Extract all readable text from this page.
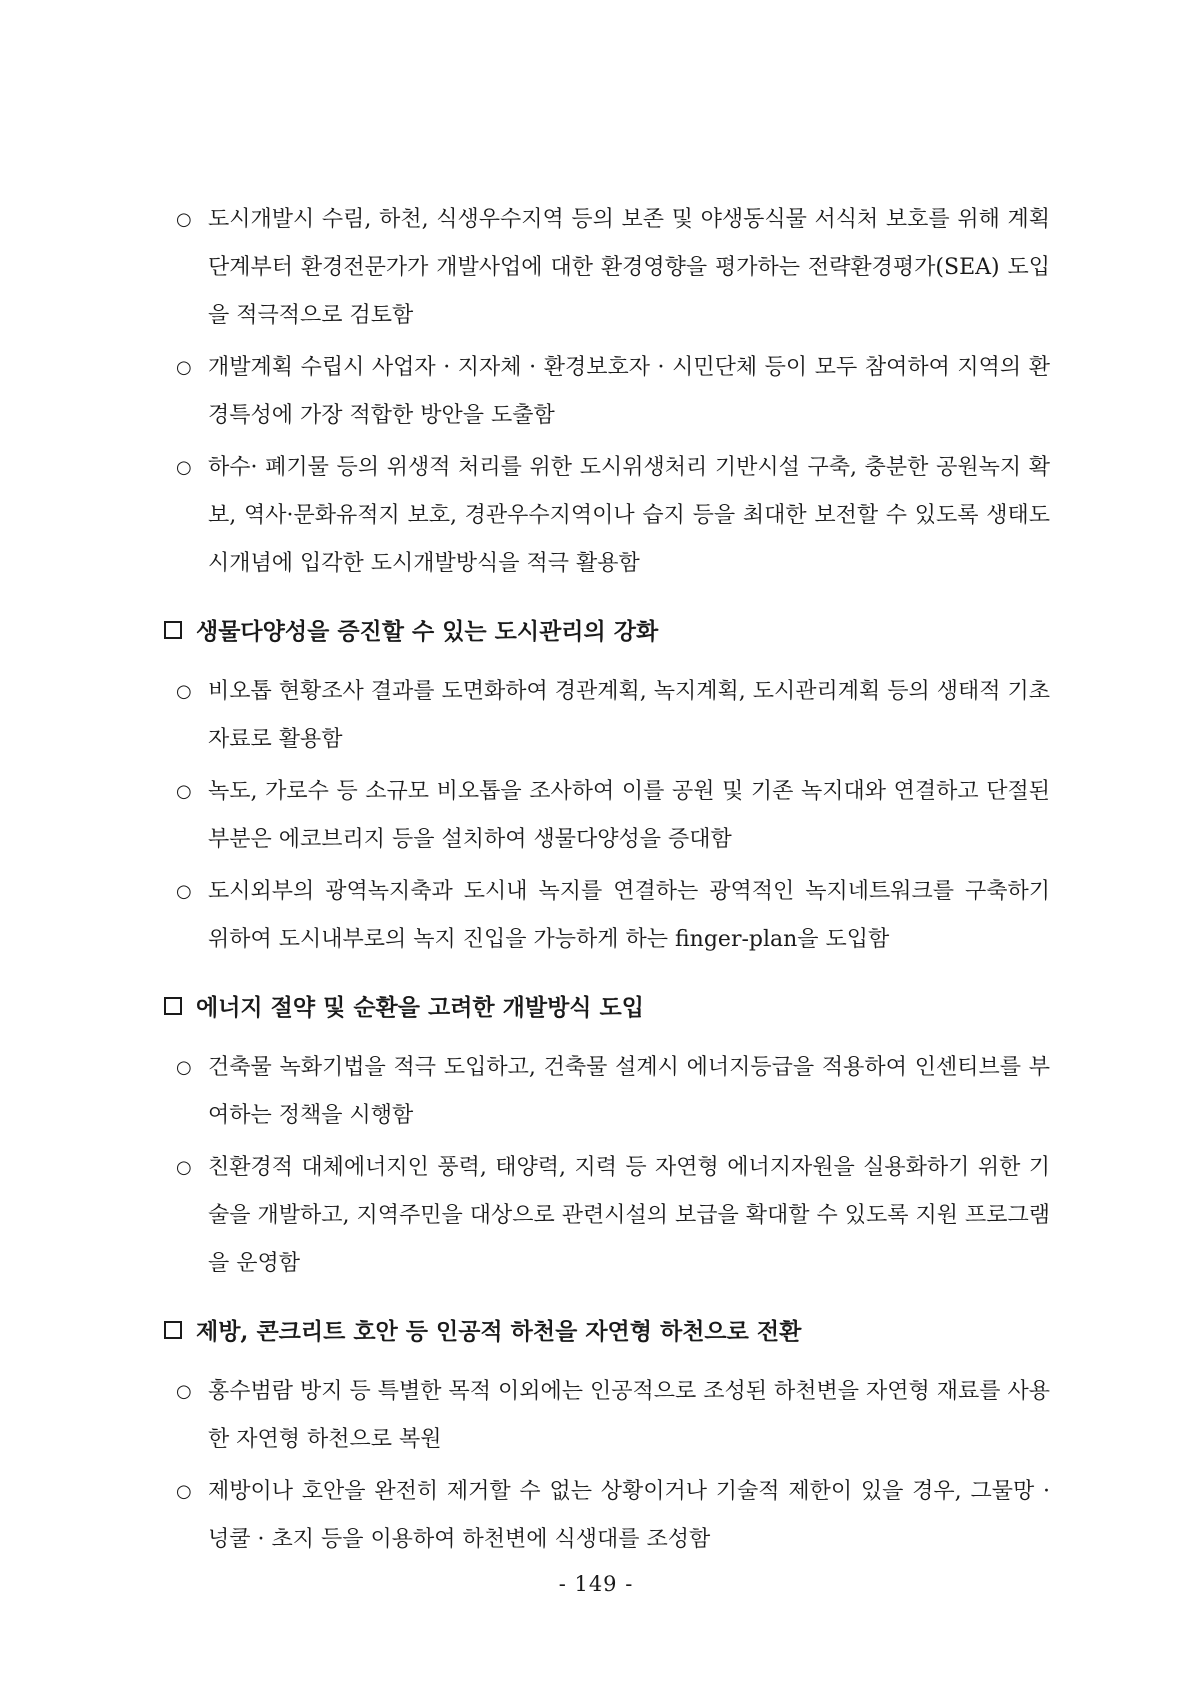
○ 도시개발시 수림, 하천, 식생우수지역 등의 보존 및 야생동식물 서식처 보호를 위해 계획단계부터 환경전문가가 개발사업에 대한 환경영향을 평가하는 전략환경평가(SEA) 도입을 적극적으로 검토함
○ 개발계획 수립시 사업자 · 지자체 · 환경보호자 · 시민단체 등이 모두 참여하여 지역의 환경특성에 가장 적합한 방안을 도출함
○ 하수· 폐기물 등의 위생적 처리를 위한 도시위생처리 기반시설 구축, 충분한 공원녹지 확보, 역사·문화유적지 보호, 경관우수지역이나 습지 등을 최대한 보전할 수 있도록 생태도시개념에 입각한 도시개발방식을 적극 활용함
생물다양성을 증진할 수 있는 도시관리의 강화
○ 비오톱 현황조사 결과를 도면화하여 경관계획, 녹지계획, 도시관리계획 등의 생태적 기초자료로 활용함
○ 녹도, 가로수 등 소규모 비오톱을 조사하여 이를 공원 및 기존 녹지대와 연결하고 단절된 부분은 에코브리지 등을 설치하여 생물다양성을 증대함
○ 도시외부의 광역녹지축과 도시내 녹지를 연결하는 광역적인 녹지네트워크를 구축하기 위하여 도시내부로의 녹지 진입을 가능하게 하는 finger-plan을 도입함
에너지 절약 및 순환을 고려한 개발방식 도입
○ 건축물 녹화기법을 적극 도입하고, 건축물 설계시 에너지등급을 적용하여 인센티브를 부여하는 정책을 시행함
○ 친환경적 대체에너지인 풍력, 태양력, 지력 등 자연형 에너지자원을 실용화하기 위한 기술을 개발하고, 지역주민을 대상으로 관련시설의 보급을 확대할 수 있도록 지원 프로그램을 운영함
제방, 콘크리트 호안 등 인공적 하천을 자연형 하천으로 전환
○ 홍수범람 방지 등 특별한 목적 이외에는 인공적으로 조성된 하천변을 자연형 재료를 사용한 자연형 하천으로 복원
○ 제방이나 호안을 완전히 제거할 수 없는 상황이거나 기술적 제한이 있을 경우, 그물망 · 넝쿨 · 초지 등을 이용하여 하천변에 식생대를 조성함
- 149 -
